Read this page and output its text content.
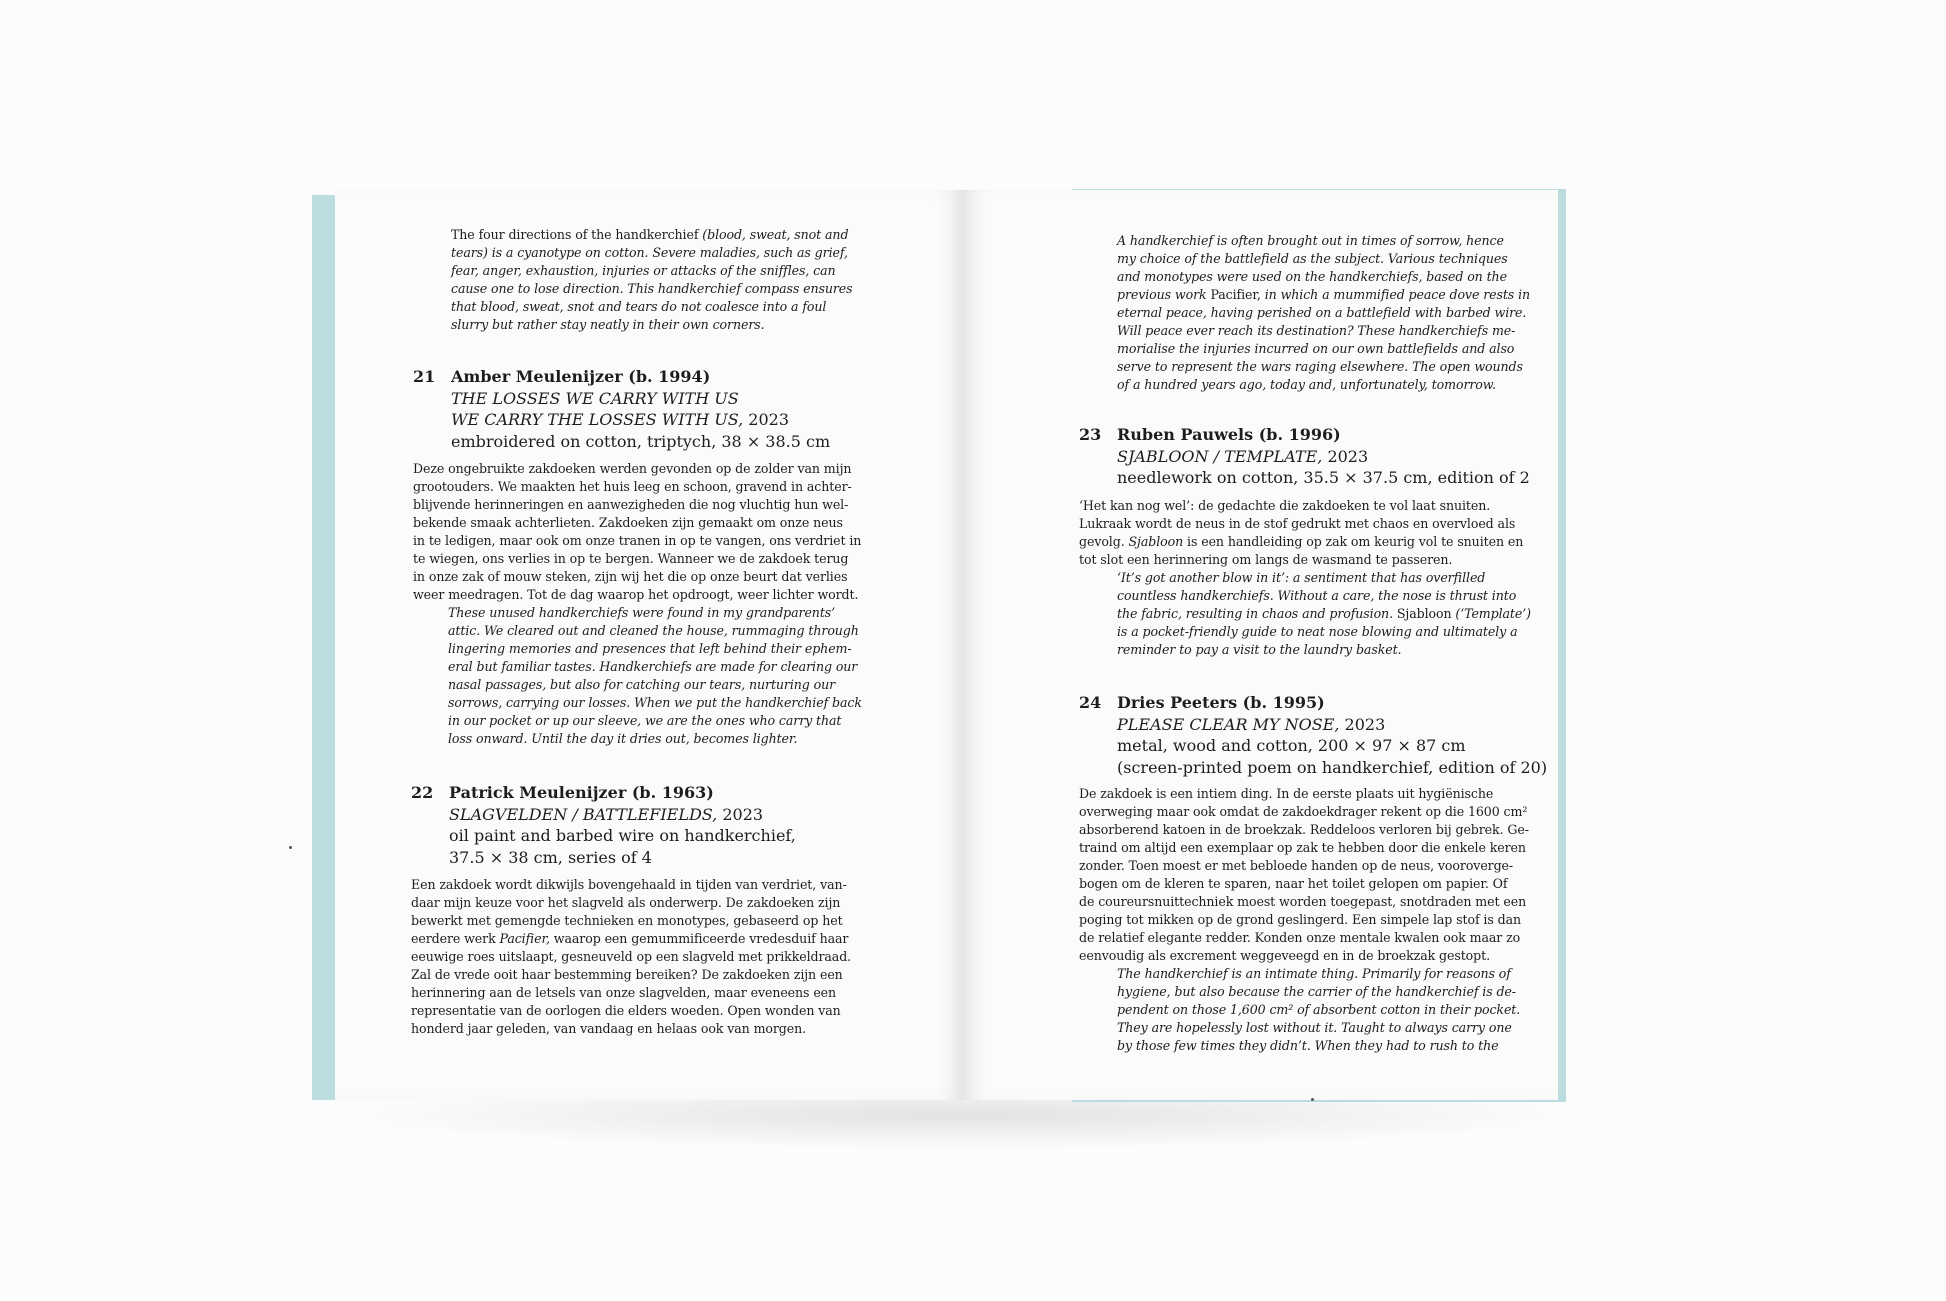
The four directions of the handkerchief (blood, sweat, snot and
tears) is a cyanotype on cotton. Severe maladies, such as grief,
fear, anger, exhaustion, injuries or attacks of the sniffles, can
cause one to lose direction. This handkerchief compass ensures
that blood, sweat, snot and tears do not coalesce into a foul
slurry but rather stay neatly in their own corners.
21 Amber Meulenijzer (b. 1994)
THE LOSSES WE CARRY WITH US
WE CARRY THE LOSSES WITH US, 2023
embroidered on cotton, triptych, 38 × 38.5 cm
Deze ongebruikte zakdoeken werden gevonden op de zolder van mijn
grootouders. We maakten het huis leeg en schoon, gravend in achter-
blijvende herinneringen en aanwezigheden die nog vluchtig hun wel-
bekende smaak achterlieten. Zakdoeken zijn gemaakt om onze neus
in te ledigen, maar ook om onze tranen in op te vangen, ons verdriet in
te wiegen, ons verlies in op te bergen. Wanneer we de zakdoek terug
in onze zak of mouw steken, zijn wij het die op onze beurt dat verlies
weer meedragen. Tot de dag waarop het opdroogt, weer lichter wordt.
These unused handkerchiefs were found in my grandparents’
attic. We cleared out and cleaned the house, rummaging through
lingering memories and presences that left behind their ephem-
eral but familiar tastes. Handkerchiefs are made for clearing our
nasal passages, but also for catching our tears, nurturing our
sorrows, carrying our losses. When we put the handkerchief back
in our pocket or up our sleeve, we are the ones who carry that
loss onward. Until the day it dries out, becomes lighter.
22 Patrick Meulenijzer (b. 1963)
SLAGVELDEN / BATTLEFIELDS, 2023
oil paint and barbed wire on handkerchief,
37.5 × 38 cm, series of 4
Een zakdoek wordt dikwijls bovengehaald in tijden van verdriet, van-
daar mijn keuze voor het slagveld als onderwerp. De zakdoeken zijn
bewerkt met gemengde technieken en monotypes, gebaseerd op het
eerdere werk Pacifier, waarop een gemummificeerde vredesduif haar
eeuwige roes uitslaapt, gesneuveld op een slagveld met prikkeldraad.
Zal de vrede ooit haar bestemming bereiken? De zakdoeken zijn een
herinnering aan de letsels van onze slagvelden, maar eveneens een
representatie van de oorlogen die elders woeden. Open wonden van
honderd jaar geleden, van vandaag en helaas ook van morgen.
A handkerchief is often brought out in times of sorrow, hence
my choice of the battlefield as the subject. Various techniques
and monotypes were used on the handkerchiefs, based on the
previous work Pacifier, in which a mummified peace dove rests in
eternal peace, having perished on a battlefield with barbed wire.
Will peace ever reach its destination? These handkerchiefs me-
morialise the injuries incurred on our own battlefields and also
serve to represent the wars raging elsewhere. The open wounds
of a hundred years ago, today and, unfortunately, tomorrow.
23 Ruben Pauwels (b. 1996)
SJABLOON / TEMPLATE, 2023
needlework on cotton, 35.5 × 37.5 cm, edition of 2
‘Het kan nog wel’: de gedachte die zakdoeken te vol laat snuiten.
Lukraak wordt de neus in de stof gedrukt met chaos en overvloed als
gevolg. Sjabloon is een handleiding op zak om keurig vol te snuiten en
tot slot een herinnering om langs de wasmand te passeren.
‘It’s got another blow in it’: a sentiment that has overfilled
countless handkerchiefs. Without a care, the nose is thrust into
the fabric, resulting in chaos and profusion. Sjabloon (‘Template’)
is a pocket-friendly guide to neat nose blowing and ultimately a
reminder to pay a visit to the laundry basket.
24 Dries Peeters (b. 1995)
PLEASE CLEAR MY NOSE, 2023
metal, wood and cotton, 200 × 97 × 87 cm
(screen-printed poem on handkerchief, edition of 20)
De zakdoek is een intiem ding. In de eerste plaats uit hygiënische
overweging maar ook omdat de zakdoekdrager rekent op die 1600 cm²
absorberend katoen in de broekzak. Reddeloos verloren bij gebrek. Ge-
traind om altijd een exemplaar op zak te hebben door die enkele keren
zonder. Toen moest er met bebloede handen op de neus, vooroverge-
bogen om de kleren te sparen, naar het toilet gelopen om papier. Of
de coureursnuittechniek moest worden toegepast, snotdraden met een
poging tot mikken op de grond geslingerd. Een simpele lap stof is dan
de relatief elegante redder. Konden onze mentale kwalen ook maar zo
eenvoudig als excrement weggeveegd en in de broekzak gestopt.
The handkerchief is an intimate thing. Primarily for reasons of
hygiene, but also because the carrier of the handkerchief is de-
pendent on those 1,600 cm² of absorbent cotton in their pocket.
They are hopelessly lost without it. Taught to always carry one
by those few times they didn’t. When they had to rush to the
